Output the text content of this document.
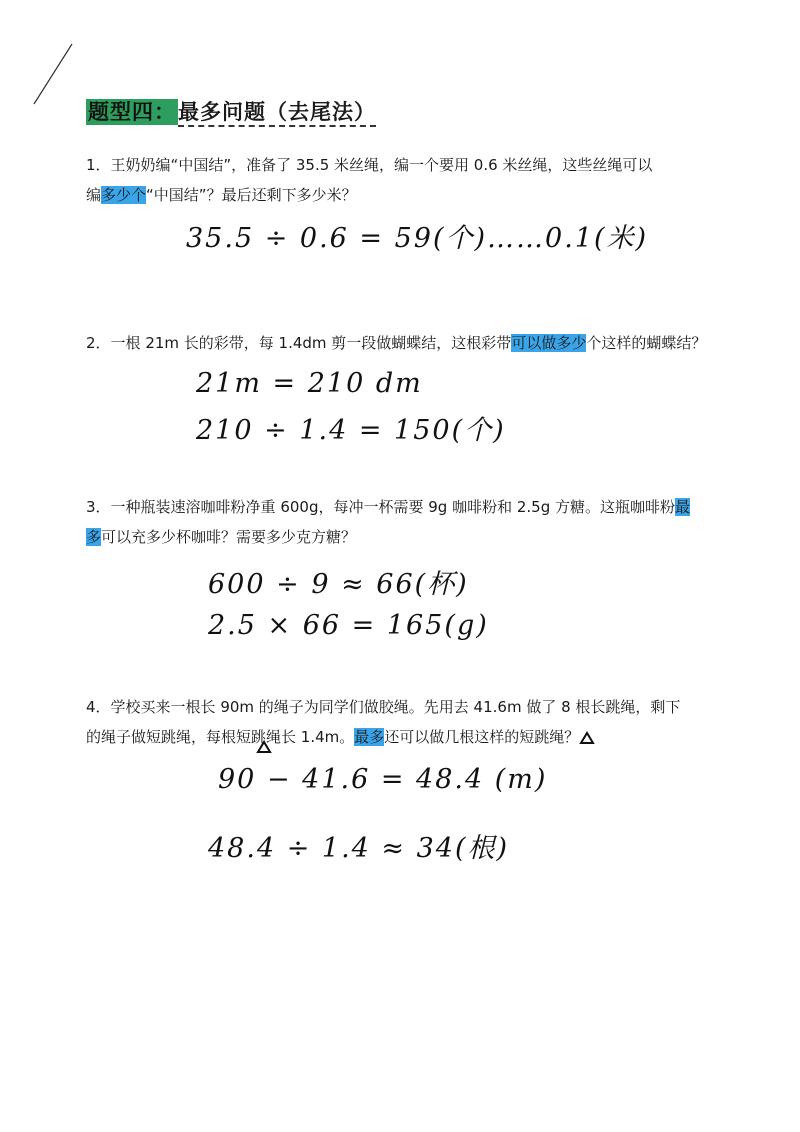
题型四：最多问题（去尾法）
1．王奶奶编“中国结”，准备了 35.5 米丝绳，编一个要用 0.6 米丝绳，这些丝绳可以
编多少个“中国结”？最后还剩下多少米？
35.5 ÷ 0.6 = 59(个)……0.1(米)
2．一根 21m 长的彩带，每 1.4dm 剪一段做蝴蝶结，这根彩带可以做多少个这样的蝴蝶结？
21m = 210 dm
210 ÷ 1.4 = 150(个)
3．一种瓶装速溶咖啡粉净重 600g，每冲一杯需要 9g 咖啡粉和 2.5g 方糖。这瓶咖啡粉最
多可以充多少杯咖啡？需要多少克方糖？
600 ÷ 9 ≈ 66(杯)
2.5 × 66 = 165(g)
4．学校买来一根长 90m 的绳子为同学们做胶绳。先用去 41.6m 做了 8 根长跳绳，剩下
的绳子做短跳绳，每根短跳绳长 1.4m。最多还可以做几根这样的短跳绳？
90 − 41.6 = 48.4 (m)
48.4 ÷ 1.4 ≈ 34(根)
